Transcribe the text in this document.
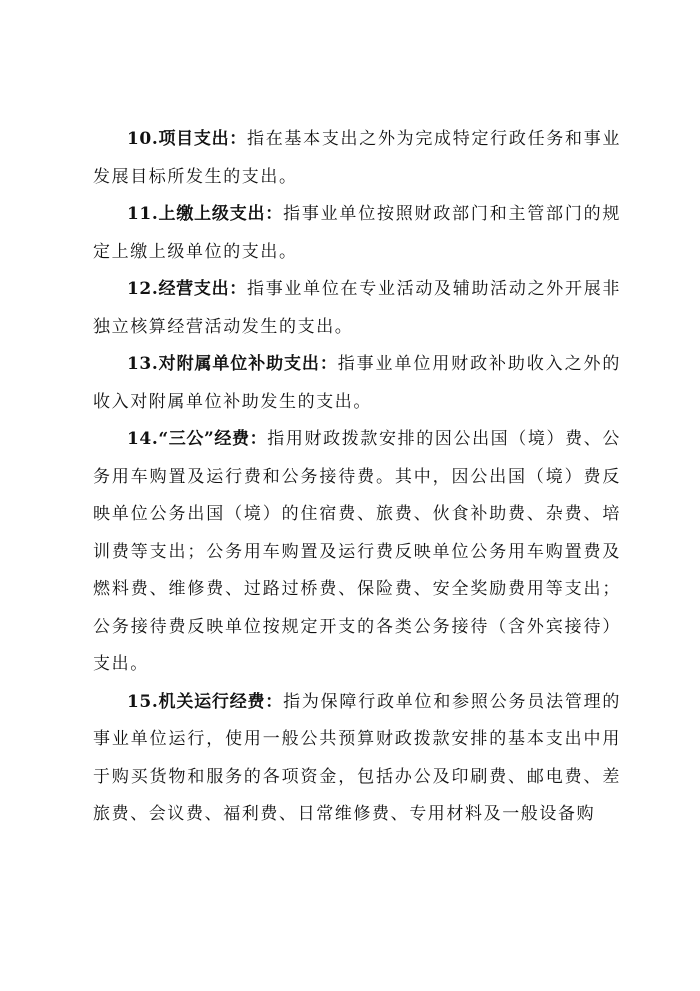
10.项目支出：指在基本支出之外为完成特定行政任务和事业发展目标所发生的支出。

11.上缴上级支出：指事业单位按照财政部门和主管部门的规定上缴上级单位的支出。

12.经营支出：指事业单位在专业活动及辅助活动之外开展非独立核算经营活动发生的支出。

13.对附属单位补助支出：指事业单位用财政补助收入之外的收入对附属单位补助发生的支出。

14.“三公”经费：指用财政拨款安排的因公出国（境）费、公务用车购置及运行费和公务接待费。其中，因公出国（境）费反映单位公务出国（境）的住宿费、旅费、伙食补助费、杂费、培训费等支出；公务用车购置及运行费反映单位公务用车购置费及燃料费、维修费、过路过桥费、保险费、安全奖励费用等支出；公务接待费反映单位按规定开支的各类公务接待（含外宾接待）支出。

15.机关运行经费：指为保障行政单位和参照公务员法管理的事业单位运行，使用一般公共预算财政拨款安排的基本支出中用于购买货物和服务的各项资金，包括办公及印刷费、邮电费、差旅费、会议费、福利费、日常维修费、专用材料及一般设备购
